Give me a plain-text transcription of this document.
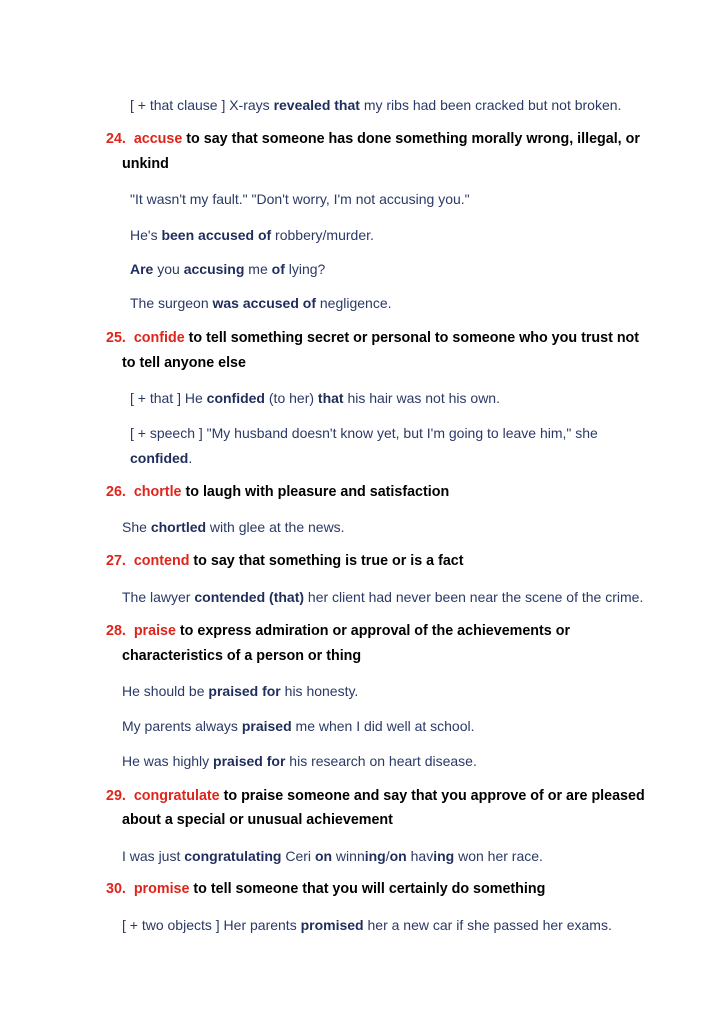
[ + that clause ] X-rays revealed that my ribs had been cracked but not broken.
24. accuse to say that someone has done something morally wrong, illegal, or
unkind
"It wasn't my fault." "Don't worry, I'm not accusing you."
He's been accused of robbery/murder.
Are you accusing me of lying?
The surgeon was accused of negligence.
25. confide to tell something secret or personal to someone who you trust not
to tell anyone else
[ + that ] He confided (to her) that his hair was not his own.
[ + speech ] "My husband doesn't know yet, but I'm going to leave him," she
confided.
26. chortle to laugh with pleasure and satisfaction
She chortled with glee at the news.
27. contend to say that something is true or is a fact
The lawyer contended (that) her client had never been near the scene of the crime.
28. praise to express admiration or approval of the achievements or
characteristics of a person or thing
He should be praised for his honesty.
My parents always praised me when I did well at school.
He was highly praised for his research on heart disease.
29. congratulate to praise someone and say that you approve of or are pleased
about a special or unusual achievement
I was just congratulating Ceri on winning/on having won her race.
30. promise to tell someone that you will certainly do something
[ + two objects ] Her parents promised her a new car if she passed her exams.
